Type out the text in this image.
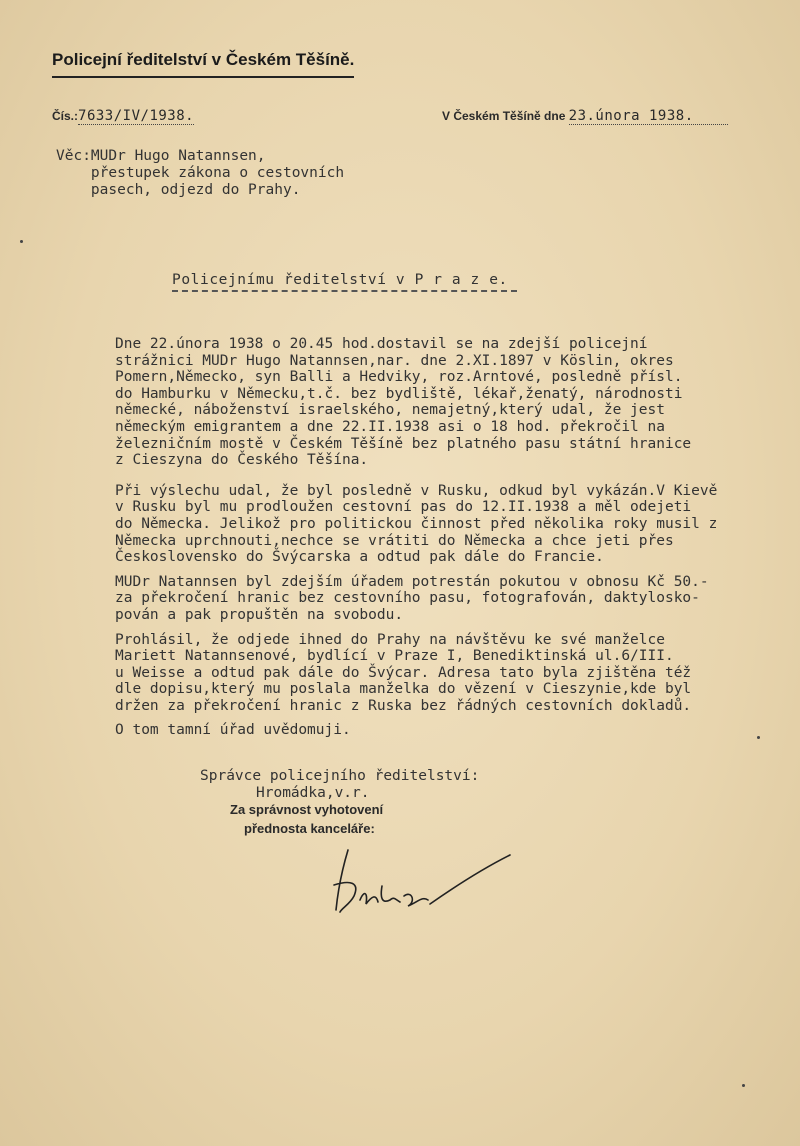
Policejní ředitelství v Českém Těšíně.
Čís.:7633/IV/1938.	V Českém Těšíně dne 23.února 1938.
Věc:MUDr Hugo Natannsen,
přestupek zákona o cestovních
pasech, odjezd do Prahy.
Policejnímu ředitelství v P r a z e.

Dne 22.února 1938 o 20.45 hod.dostavil se na zdejší policejní

strážnici MUDr Hugo Natannsen,nar. dne 2.XI.1897 v Köslin, okres

Pomern,Německo, syn Balli a Hedviky, roz.Arntové, posledně přísl.

do Hamburku v Německu,t.č. bez bydliště, lékař,ženatý, národnosti

německé, náboženství israelského, nemajetný,který udal, že jest

německým emigrantem a dne 22.II.1938 asi o 18 hod. překročil na

železničním mostě v Českém Těšíně bez platného pasu státní hranice

z Cieszyna do Českého Těšína.

Při výslechu udal, že byl posledně v Rusku, odkud byl vykázán.V Kievě

v Rusku byl mu prodloužen cestovní pas do 12.II.1938 a měl odejeti

do Německa. Jelikož pro politickou činnost před několika roky musil z

Německa uprchnouti,nechce se vrátiti do Německa a chce jeti přes

Československo do Švýcarska a odtud pak dále do Francie.

MUDr Natannsen byl zdejším úřadem potrestán pokutou v obnosu Kč 50.-

za překročení hranic bez cestovního pasu, fotografován, daktylosko-

pován a pak propuštěn na svobodu.

Prohlásil, že odjede ihned do Prahy na návštěvu ke své manželce

Mariett Natannsenové, bydlící v Praze I, Benediktinská ul.6/III.

u Weisse a odtud pak dále do Švýcar. Adresa tato byla zjištěna též

dle dopisu,který mu poslala manželka do vězení v Cieszynie,kde byl

držen za překročení hranic z Ruska bez řádných cestovních dokladů.

O tom tamní úřad uvědomuji.

Správce policejního ředitelství:
Hromádka,v.r.
Za správnost vyhotovení
přednosta kanceláře:
